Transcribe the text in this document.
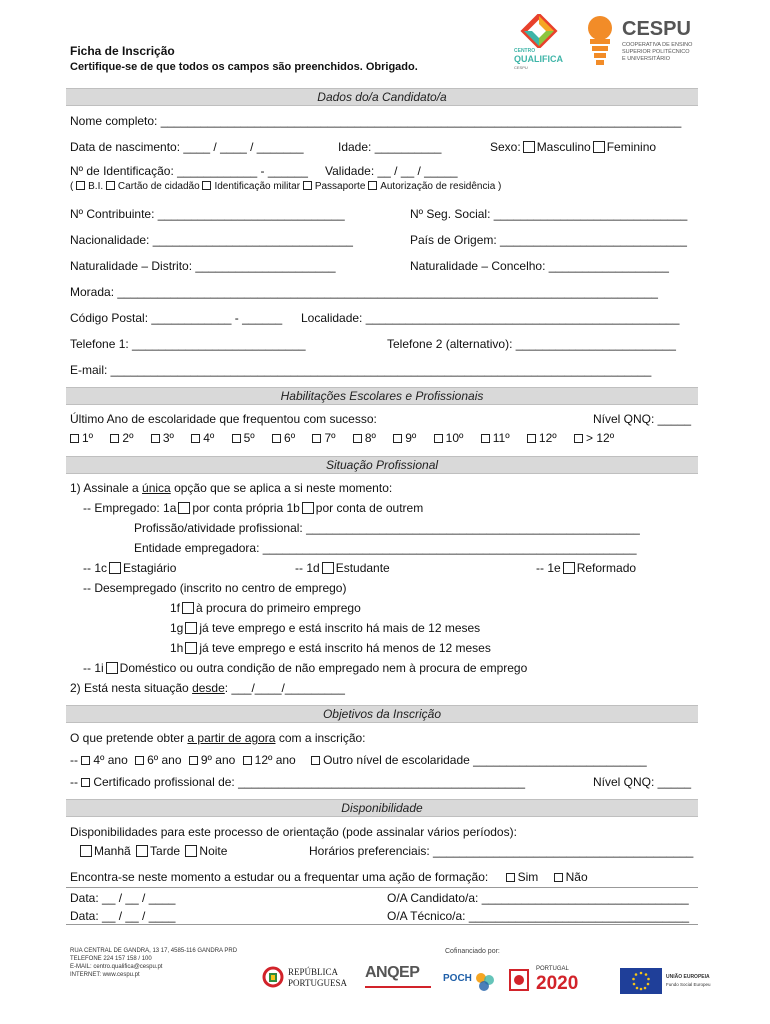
Ficha de Inscrição
Certifique-se de que todos os campos são preenchidos. Obrigado.
CENTRO
QUALIFICA
CESPU
CESPU
COOPERATIVA DE ENSINO
SUPERIOR POLITÉCNICO
E UNIVERSITÁRIO
Dados do/a Candidato/a
Nome completo: ______________________________________________________________________________
Data de nascimento: ____ / ____ / _______	Idade: __________	Sexo: Masculino Feminino
Nº de Identificação: ____________ - ______ Validade: __ / __ / _____
( B.I. Cartão de cidadão Identificação militar Passaporte Autorização de residência )
Nº Contribuinte: ____________________________	Nº Seg. Social: _____________________________
Nacionalidade: ______________________________	País de Origem: ____________________________
Naturalidade – Distrito: _____________________	Naturalidade – Concelho: __________________
Morada: _________________________________________________________________________________
Código Postal: ____________ - ______ Localidade: _______________________________________________
Telefone 1: __________________________	Telefone 2 (alternativo): ________________________
E-mail: _________________________________________________________________________________
Habilitações Escolares e Profissionais
Último Ano de escolaridade que frequentou com sucesso:	Nível QNQ: _____
1º 2º 3º 4º 5º 6º 7º 8º 9º 10º 11º 12º > 12º
Situação Profissional
1) Assinale a única opção que se aplica a si neste momento:
-- Empregado: 1a por conta própria 1b por conta de outrem
Profissão/atividade profissional: __________________________________________________
Entidade empregadora: ________________________________________________________
-- 1c Estagiário	-- 1d Estudante	-- 1e Reformado
-- Desempregado (inscrito no centro de emprego)
1f à procura do primeiro emprego
1g já teve emprego e está inscrito há mais de 12 meses
1h já teve emprego e está inscrito há menos de 12 meses
-- 1i Doméstico ou outra condição de não empregado nem à procura de emprego
2) Está nesta situação desde: ___/____/_________
Objetivos da Inscrição
O que pretende obter a partir de agora com a inscrição:
-- 4º ano 6º ano 9º ano 12º ano Outro nível de escolaridade __________________________
-- Certificado profissional de: ___________________________________________	Nível QNQ: _____
Disponibilidade
Disponibilidades para este processo de orientação (pode assinalar vários períodos):
Manhã Tarde Noite	Horários preferenciais: _______________________________________
Encontra-se neste momento a estudar ou a frequentar uma ação de formação: Sim Não
Data: __ / __ / ____	O/A Candidato/a: _______________________________
Data: __ / __ / ____	O/A Técnico/a: _________________________________
RUA CENTRAL DE GANDRA, 13 17, 4585-116 GANDRA PRD
TELEFONE 224 157 158 / 100
E-MAIL: centro.qualifica@cespu.pt
INTERNET: www.cespu.pt
Cofinanciado por:
REPÚBLICA
PORTUGUESA
ANQEP POCH
PORTUGAL
2020	UNIÃO EUROPEIA
Fundo Social Europeu
